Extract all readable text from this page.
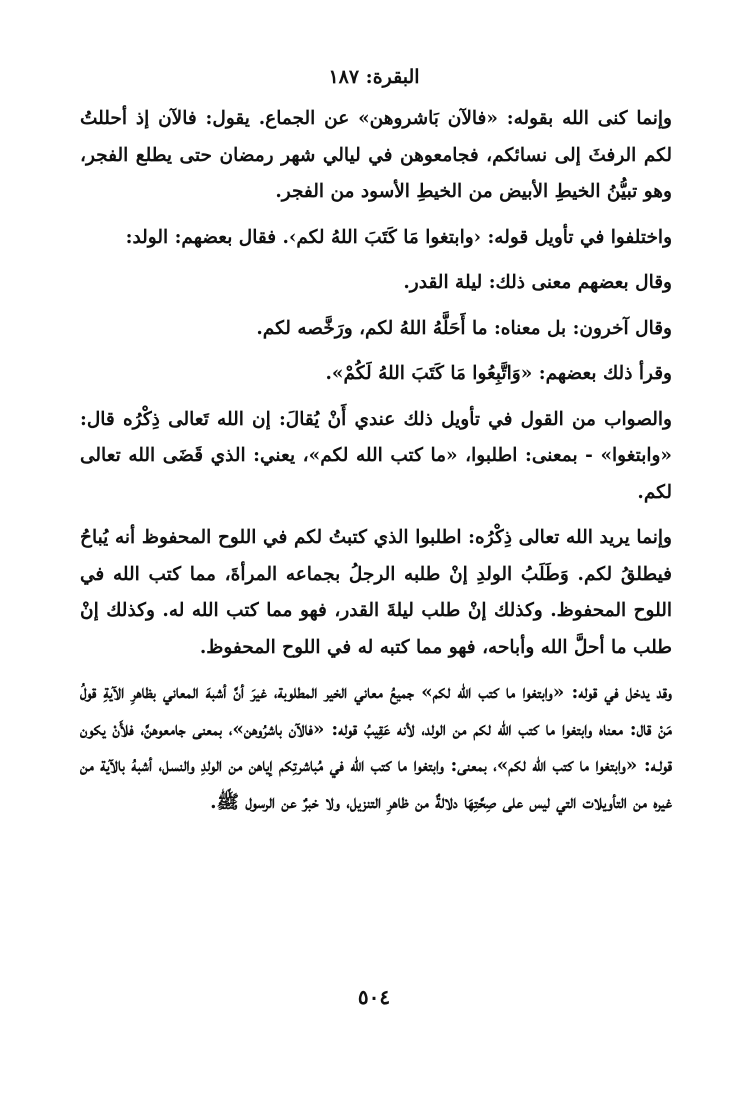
البقرة: ١٨٧

وإنما كنى الله بقوله: «فالآن بَاشروهن» عن الجماع. يقول: فالآن إذ أحللتُ لكم الرفثَ إلى نسائكم، فجامعوهن في ليالي شهر رمضان حتى يطلع الفجر، وهو تبيُّنُ الخيطِ الأبيض من الخيطِ الأسود من الفجر.

واختلفوا في تأويل قوله: ‹وابتغوا مَا كَتَبَ اللهُ لكم›. فقال بعضهم: الولد:

وقال بعضهم معنى ذلك: ليلة القدر.

وقال آخرون: بل معناه: ما أَحَلَّهُ اللهُ لكم، ورَخَّصه لكم.

وقرأ ذلك بعضهم: «وَاتَّبِعُوا مَا كَتَبَ اللهُ لَكُمْ».

والصواب من القول في تأويل ذلك عندي أَنْ يُقالَ: إن الله تَعالى ذِكْرُه قال: «وابتغوا» - بمعنى: اطلبوا، «ما كتب الله لكم»، يعني: الذي قَضَى الله تعالى لكم.

وإنما يريد الله تعالى ذِكْرُه: اطلبوا الذي كتبتُ لكم في اللوح المحفوظ أنه يُباحُ فيطلقُ لكم. وَطَلَبُ الولدِ إنْ طلبه الرجلُ بجماعه المرأةَ، مما كتب الله في اللوح المحفوظ. وكذلك إنْ طلب ليلةَ القدر، فهو مما كتب الله له. وكذلك إنْ طلب ما أحلَّ الله وأباحه، فهو مما كتبه له في اللوح المحفوظ.

وقد يدخل في قوله: «وابتغوا ما كتب الله لكم» جميعُ معاني الخير المطلوبة، غيرَ أنَّ أشبهَ المعاني بظاهرِ الآيةِ قولُ مَنْ قال: معناه وابتغوا ما كتب الله لكم من الولد، لأنه عَقِيبُ قوله: «فالآن باشرُوهن»، بمعنى جامعوهنَّ، فلأَنْ يكون قولـه: «وابتغوا ما كتب الله لكم»، بمعنى: وابتغوا ما كتب الله في مُباشرتِكم إياهن من الولدِ والنسل، أشبهُ بالآية من غيره من التأويلات التي ليس على صِحَّتِهَا دلالةٌ من ظاهرِ التنزيل، ولا خبرٌ عن الرسول ﷺ.

٥٠٤
